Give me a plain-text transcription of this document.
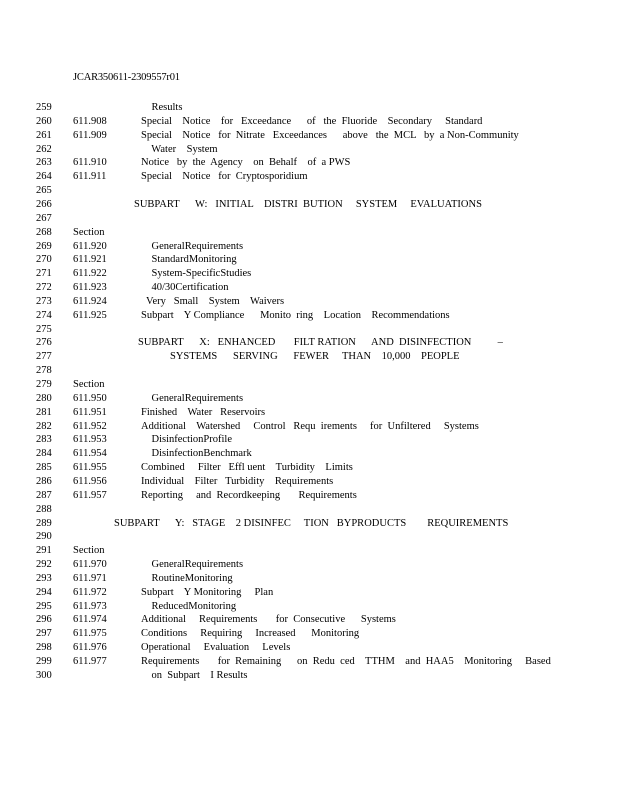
JCAR350611-2309557r01
259	Results
260	611.908	Special    Notice    for   Exceedance      of   the  Fluoride    Secondary     Standard
261	611.909	Special    Notice   for  Nitrate   Exceedances      above   the  MCL   by  a Non-Community
262	Water    System
263	611.910	Notice   by  the  Agency    on  Behalf    of  a PWS
264	611.911	Special    Notice   for  Cryptosporidium
265
266	SUBPART      W:   INITIAL    DISTRI  BUTION     SYSTEM     EVALUATIONS
267
268	Section
269	611.920	GeneralRequirements
270	611.921	StandardMonitoring
271	611.922	System-SpecificStudies
272	611.923	40/30Certification
273	611.924	Very   Small    System    Waivers
274	611.925	Subpart    Y Compliance      Monito  ring    Location    Recommendations
275
276	SUBPART      X:   ENHANCED       FILT RATION      AND  DISINFECTION          –
277	SYSTEMS      SERVING      FEWER     THAN    10,000    PEOPLE
278
279	Section
280	611.950	GeneralRequirements
281	611.951	Finished    Water   Reservoirs
282	611.952	Additional    Watershed     Control   Requ  irements     for  Unfiltered     Systems
283	611.953	DisinfectionProfile
284	611.954	DisinfectionBenchmark
285	611.955	Combined     Filter   Effl uent    Turbidity    Limits
286	611.956	Individual    Filter   Turbidity    Requirements
287	611.957	Reporting     and  Recordkeeping       Requirements
288
289	SUBPART      Y:   STAGE    2 DISINFEC     TION   BYPRODUCTS        REQUIREMENTS
290
291	Section
292	611.970	GeneralRequirements
293	611.971	RoutineMonitoring
294	611.972	Subpart    Y Monitoring     Plan
295	611.973	ReducedMonitoring
296	611.974	Additional     Requirements       for  Consecutive      Systems
297	611.975	Conditions     Requiring     Increased      Monitoring
298	611.976	Operational     Evaluation     Levels
299	611.977	Requirements       for  Remaining      on  Redu  ced    TTHM    and  HAA5    Monitoring     Based
300	on  Subpart    I Results
